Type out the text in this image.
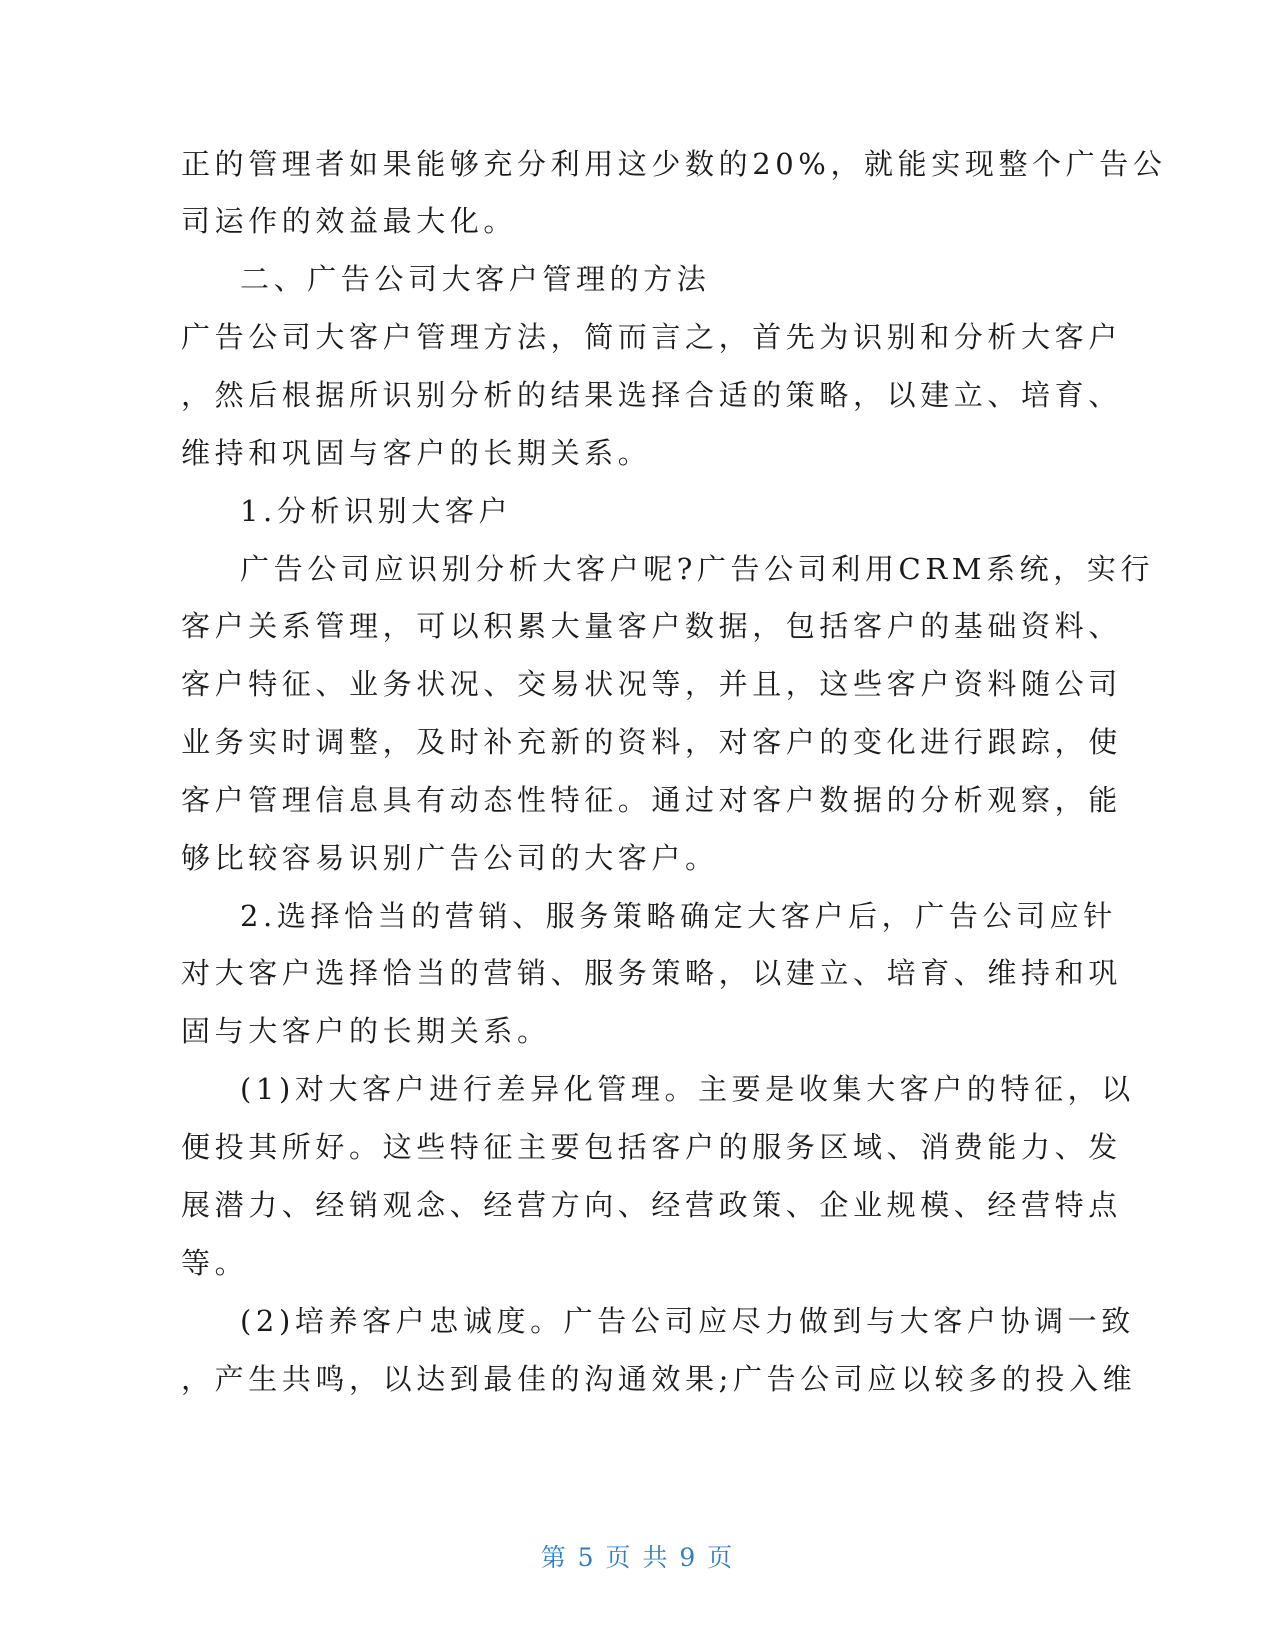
正的管理者如果能够充分利用这少数的20%，就能实现整个广告公
司运作的效益最大化。
二、广告公司大客户管理的方法
广告公司大客户管理方法，简而言之，首先为识别和分析大客户
，然后根据所识别分析的结果选择合适的策略，以建立、培育、
维持和巩固与客户的长期关系。
1.分析识别大客户
广告公司应识别分析大客户呢?广告公司利用CRM系统，实行
客户关系管理，可以积累大量客户数据，包括客户的基础资料、
客户特征、业务状况、交易状况等，并且，这些客户资料随公司
业务实时调整，及时补充新的资料，对客户的变化进行跟踪，使
客户管理信息具有动态性特征。通过对客户数据的分析观察，能
够比较容易识别广告公司的大客户。
2.选择恰当的营销、服务策略确定大客户后，广告公司应针
对大客户选择恰当的营销、服务策略，以建立、培育、维持和巩
固与大客户的长期关系。
(1)对大客户进行差异化管理。主要是收集大客户的特征，以
便投其所好。这些特征主要包括客户的服务区域、消费能力、发
展潜力、经销观念、经营方向、经营政策、企业规模、经营特点
等。
(2)培养客户忠诚度。广告公司应尽力做到与大客户协调一致
，产生共鸣，以达到最佳的沟通效果;广告公司应以较多的投入维
第 5 页 共 9 页
